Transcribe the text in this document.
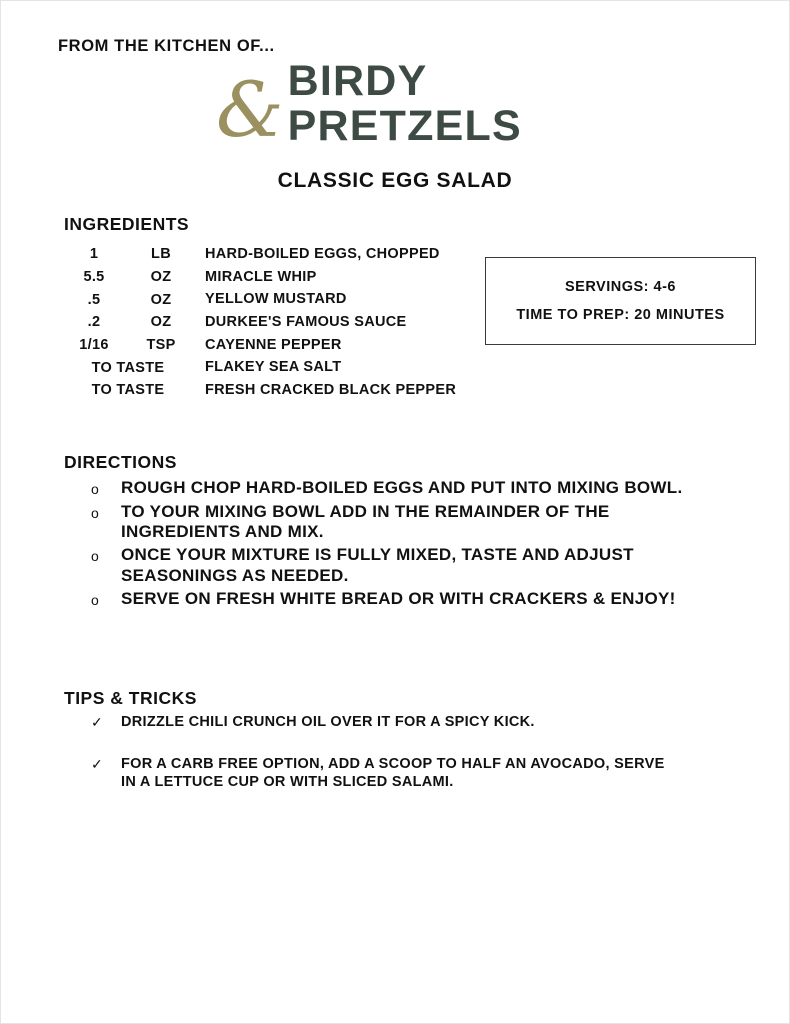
FROM THE KITCHEN OF...
& BIRDY
PRETZELS
CLASSIC EGG SALAD
INGREDIENTS
1	LB	HARD-BOILED EGGS, CHOPPED
5.5	OZ	MIRACLE WHIP
.5	OZ	YELLOW MUSTARD
.2	OZ	DURKEE'S FAMOUS SAUCE
1/16	TSP	CAYENNE PEPPER
TO TASTE		FLAKEY SEA SALT
TO TASTE		FRESH CRACKED BLACK PEPPER
SERVINGS: 4-6
TIME TO PREP: 20 MINUTES
DIRECTIONS
o	ROUGH CHOP HARD-BOILED EGGS AND PUT INTO MIXING BOWL.
o	TO YOUR MIXING BOWL ADD IN THE REMAINDER OF THE INGREDIENTS AND MIX.
o	ONCE YOUR MIXTURE IS FULLY MIXED, TASTE AND ADJUST SEASONINGS AS NEEDED.
o	SERVE ON FRESH WHITE BREAD OR WITH CRACKERS & ENJOY!
TIPS & TRICKS
✓	DRIZZLE CHILI CRUNCH OIL OVER IT FOR A SPICY KICK.
✓	FOR A CARB FREE OPTION, ADD A SCOOP TO HALF AN AVOCADO, SERVE IN A LETTUCE CUP OR WITH SLICED SALAMI.
